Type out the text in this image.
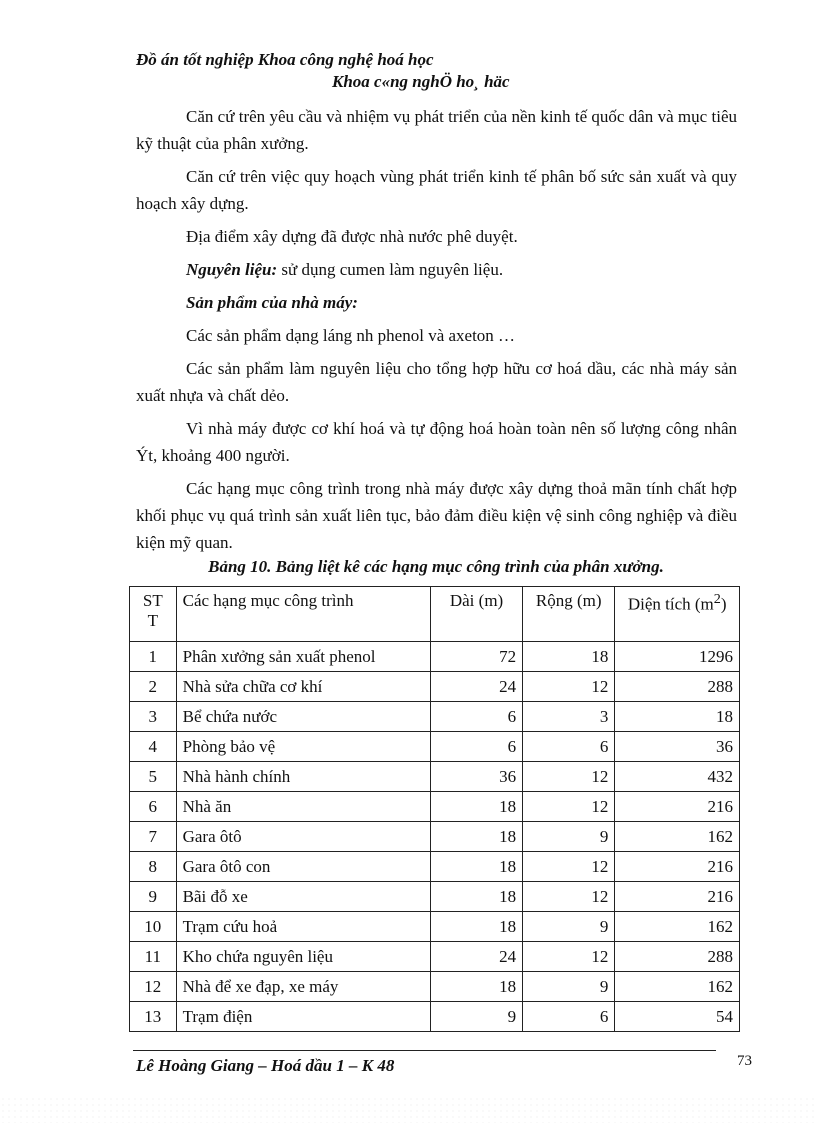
Đồ án tốt nghiệp Khoa công nghệ hoá học
Khoa c«ng nghÖ ho¸ häc

Căn cứ trên yêu cầu và nhiệm vụ phát triển của nền kinh tế quốc dân và mục tiêu kỹ thuật của phân xưởng.

Căn cứ trên việc quy hoạch vùng phát triển kinh tế phân bố sức sản xuất và quy hoạch xây dựng.

Địa điểm xây dựng đã được nhà nước phê duyệt.

Nguyên liệu: sử dụng cumen làm nguyên liệu.

Sản phẩm của nhà máy:

Các sản phẩm dạng láng nh phenol và axeton …

Các sản phẩm làm nguyên liệu cho tổng hợp hữu cơ hoá dầu, các nhà máy sản xuất nhựa và chất dẻo.

Vì nhà máy được cơ khí hoá và tự động hoá hoàn toàn nên số lượng công nhân Ýt, khoảng 400 người.

Các hạng mục công trình trong nhà máy được xây dựng thoả mãn tính chất hợp khối phục vụ quá trình sản xuất liên tục, bảo đảm điều kiện vệ sinh công nghiệp và điều kiện mỹ quan.

Bảng 10. Bảng liệt kê các hạng mục công trình của phân xưởng.
ST T	Các hạng mục công trình	Dài (m)	Rộng (m)	Diện tích $(m^2)$
1	Phân xưởng sản xuất phenol	72	18	1296
2	Nhà sửa chữa cơ khí	24	12	288
3	Bể chứa nước	6	3	18
4	Phòng bảo vệ	6	6	36
5	Nhà hành chính	36	12	432
6	Nhà ăn	18	12	216
7	Gara ôtô	18	9	162
8	Gara ôtô con	18	12	216
9	Bãi đỗ xe	18	12	216
10	Trạm cứu hoả	18	9	162
11	Kho chứa nguyên liệu	24	12	288
12	Nhà để xe đạp, xe máy	18	9	162
13	Trạm điện	9	6	54
Lê Hoàng Giang – Hoá dầu 1 – K 48	73
